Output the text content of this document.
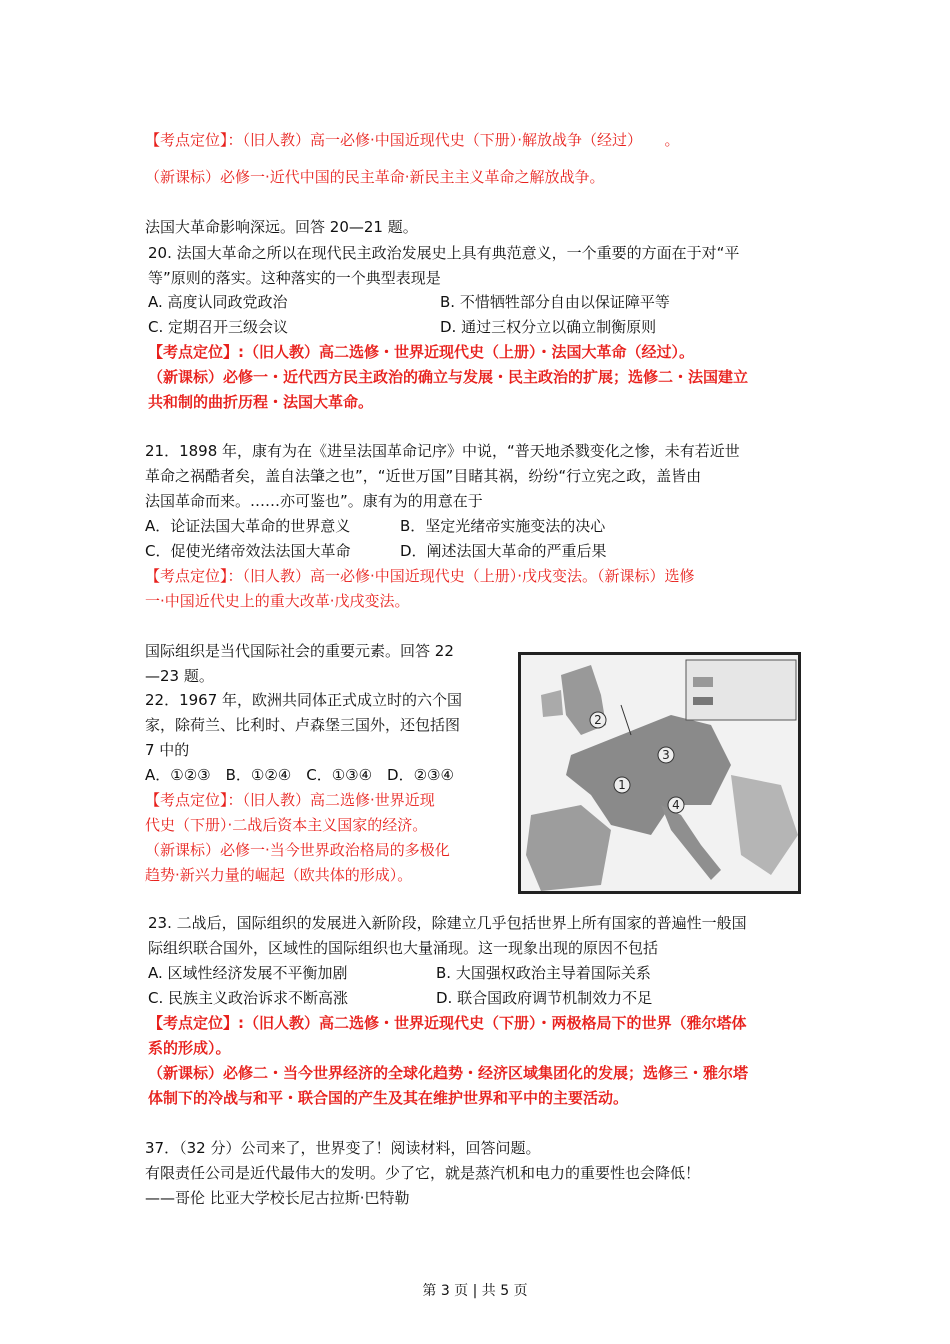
【考点定位】：（旧人教）高一必修·中国近现代史（下册）·解放战争（经过）　　。
（新课标）必修一·近代中国的民主革命·新民主主义革命之解放战争。
法国大革命影响深远。回答 20—21 题。
20. 法国大革命之所以在现代民主政治发展史上具有典范意义，一个重要的方面在于对“平
等”原则的落实。这种落实的一个典型表现是
A. 高度认同政党政治	B. 不惜牺牲部分自由以保证障平等
C. 定期召开三级会议	D. 通过三权分立以确立制衡原则
【考点定位】:（旧人教）高二选修・世界近现代史（上册）・法国大革命（经过）。
（新课标）必修一・近代西方民主政治的确立与发展・民主政治的扩展；选修二・法国建立
共和制的曲折历程・法国大革命。
21．1898 年，康有为在《进呈法国革命记序》中说，“普天地杀戮变化之惨，未有若近世
革命之祸酷者矣，盖自法肇之也”，“近世万国”目睹其祸，纷纷“行立宪之政，盖皆由
法国革命而来。……亦可鉴也”。康有为的用意在于
A．论证法国大革命的世界意义	B．坚定光绪帝实施变法的决心
C．促使光绪帝效法法国大革命	D．阐述法国大革命的严重后果
【考点定位】：（旧人教）高一必修·中国近现代史（上册）·戊戌变法。（新课标）选修
一·中国近代史上的重大改革·戊戌变法。
国际组织是当代国际社会的重要元素。回答 22
—23 题。
22．1967 年，欧洲共同体正式成立时的六个国
家，除荷兰、比利时、卢森堡三国外，还包括图
7 中的
A．①②③　B．①②④　C．①③④　D．②③④
【考点定位】：（旧人教）高二选修·世界近现
代史（下册）·二战后资本主义国家的经济。
（新课标）必修一·当今世界政治格局的多极化
趋势·新兴力量的崛起（欧共体的形成）。
1
2
3
4
23. 二战后，国际组织的发展进入新阶段，除建立几乎包括世界上所有国家的普遍性一般国
际组织联合国外，区域性的国际组织也大量涌现。这一现象出现的原因不包括
A. 区域性经济发展不平衡加剧	B. 大国强权政治主导着国际关系
C. 民族主义政治诉求不断高涨	D. 联合国政府调节机制效力不足
【考点定位】:（旧人教）高二选修・世界近现代史（下册）・两极格局下的世界（雅尔塔体
系的形成）。
（新课标）必修二・当今世界经济的全球化趋势・经济区域集团化的发展；选修三・雅尔塔
体制下的冷战与和平・联合国的产生及其在维护世界和平中的主要活动。
37．（32 分）公司来了，世界变了！阅读材料，回答问题。
有限责任公司是近代最伟大的发明。少了它，就是蒸汽机和电力的重要性也会降低！
——哥伦 比亚大学校长尼古拉斯·巴特勒
第 3 页 | 共 5 页
